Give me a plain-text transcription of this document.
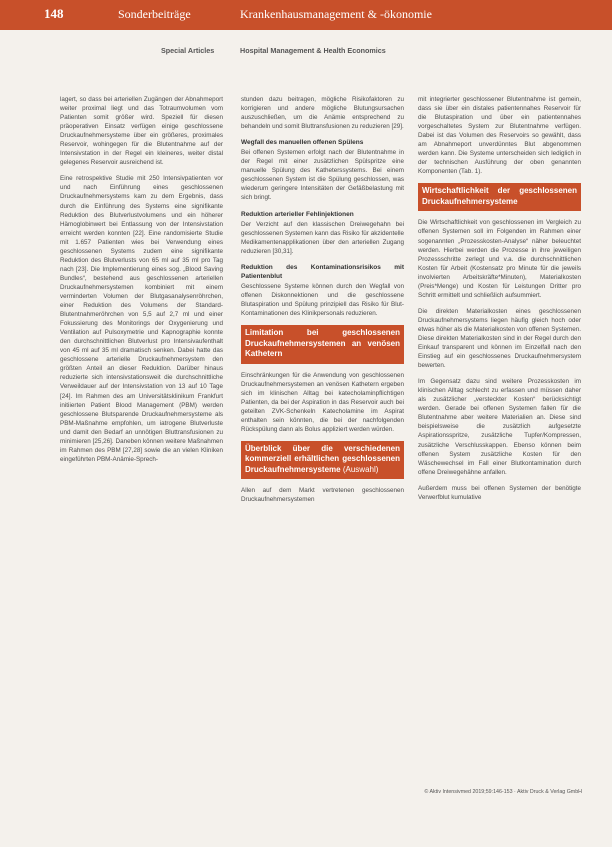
148	Sonderbeiträge	Krankenhausmanagement & -ökonomie
Special Articles	Hospital Management & Health Economics

lagert, so dass bei arteriellen Zugängen der Abnahmeport weiter proximal liegt und das Totraumvolumen vom Patienten somit größer wird. Speziell für diesen präoperativen Einsatz verfügen einige geschlossene Druckaufnehmersysteme über ein größeres, proximales Reservoir, wohingegen für die Blutentnahme auf der Intensivstation in der Regel ein kleineres, weiter distal gelegenes Reservoir ausreichend ist.

Eine retrospektive Studie mit 250 Intensivpatienten vor und nach Einführung eines geschlossenen Druckaufnehmersystems kam zu dem Ergebnis, dass durch die Einführung des Systems eine signifikante Reduktion des Blutverlustvolumens und ein höherer Hämoglobinwert bei Entlassung von der Intensivstation erreicht werden konnten [22]. Eine randomisierte Studie mit 1.657 Patienten wies bei Verwendung eines geschlossenen Systems zudem eine signifikante Reduktion des Blutverlusts von 65 ml auf 35 ml pro Tag nach [23]. Die Implementierung eines sog. „Blood Saving Bundles“, bestehend aus geschlossenen arteriellen Druckaufnehmersystemen kombiniert mit einem verminderten Volumen der Blutgasanalysenröhrchen, einer Reduktion des Volumens der Standard-Blutentnahmeröhrchen von 5,5 auf 2,7 ml und einer Fokussierung des Monitorings der Oxygenierung und Ventilation auf Pulsoxymetrie und Kapnographie konnte den durchschnittlichen Blutverlust pro Intensivaufenthalt von 45 ml auf 35 ml dramatisch senken. Dabei hatte das geschlossene arterielle Druckaufnehmersystem den größten Anteil an dieser Reduktion. Darüber hinaus reduzierte sich intensivstationsweit die durchschnittliche Verweildauer auf der Intensivstation von 13 auf 10 Tage [24]. Im Rahmen des am Universitätsklinikum Frankfurt initiierten Patient Blood Management (PBM) werden geschlossene Blutsparende Druckaufnehmersysteme als PBM-Maßnahme empfohlen, um iatrogene Blutverluste und damit den Bedarf an unnötigen Bluttransfusionen zu minimieren [25,26]. Daneben können weitere Maßnahmen im Rahmen des PBM [27,28] sowie die an vielen Kliniken eingeführten PBM-Anämie-Sprech-

stunden dazu beitragen, mögliche Risikofaktoren zu korrigieren und andere mögliche Blutungsursachen auszuschließen, um die Anämie entsprechend zu behandeln und somit Bluttransfusionen zu reduzieren [29].

Wegfall des manuellen offenen Spülens

Bei offenen Systemen erfolgt nach der Blutentnahme in der Regel mit einer zusätzlichen Spülspritze eine manuelle Spülung des Katheterssystems. Bei einem geschlossenen System ist die Spülung geschlossen, was wiederum geringere Intensitäten der Gefäßbelastung mit sich bringt.

Reduktion arterieller Fehlinjektionen

Der Verzicht auf den klassischen Dreiwegehahn bei geschlossenen Systemen kann das Risiko für akzidentelle Medikamentenapplikationen über den arteriellen Zugang reduzieren [30,31].

Reduktion des Kontaminationsrisikos mit Patientenblut

Geschlossene Systeme können durch den Wegfall von offenen Diskonnektionen und die geschlossene Blutaspiration und Spülung prinzipiell das Risiko für Blut-Kontaminationen des Klinikpersonals reduzieren.

Limitation bei geschlossenen Druckaufnehmersystemen an venösen Kathetern

Einschränkungen für die Anwendung von geschlossenen Druckaufnehmersystemen an venösen Kathetern ergeben sich im klinischen Alltag bei katecholaminpflichtigen Patienten, da bei der Aspiration in das Reservoir auch bei geteilten ZVK-Schenkeln Katecholamine im Aspirat enthalten sein könnten, die bei der nachfolgenden Rückspülung dann als Bolus appliziert werden würden.

Überblick über die verschiedenen kommerziell erhältlichen geschlossenen Druckaufnehmersysteme (Auswahl)

Allen auf dem Markt vertretenen geschlossenen Druckaufnehmersystemen

mit integrierter geschlossener Blutentnahme ist gemein, dass sie über ein distales patientennahes Reservoir für die Blutaspiration und über ein patientennahes vorgeschaltetes System zur Blutentnahme verfügen. Dabei ist das Volumen des Reservoirs so gewählt, dass am Abnahmeport unverdünntes Blut abgenommen werden kann. Die Systeme unterscheiden sich lediglich in der technischen Ausführung der oben genannten Komponenten (Tab. 1).

Wirtschaftlichkeit der geschlossenen Druckaufnehmersysteme

Die Wirtschaftlichkeit von geschlossenen im Vergleich zu offenen Systemen soll im Folgenden im Rahmen einer sogenannten „Prozesskosten-Analyse“ näher beleuchtet werden. Hierbei werden die Prozesse in ihre jeweiligen Prozessschritte zerlegt und v.a. die durchschnittlichen Kosten für Arbeit (Kostensatz pro Minute für die jeweils involvierten Arbeitskräfte*Minuten), Materialkosten (Preis*Menge) und Kosten für Leistungen Dritter pro Schritt ermittelt und schließlich aufsummiert.

Die direkten Materialkosten eines geschlossenen Druckaufnehmersystems liegen häufig gleich hoch oder etwas höher als die Materialkosten von offenen Systemen. Diese direkten Materialkosten sind in der Regel durch den Einkauf transparent und können im Einzelfall nach den Einstieg auf ein geschlossenes Druckaufnehmersystem bewerten.

Im Gegensatz dazu sind weitere Prozesskosten im klinischen Alltag schlecht zu erfassen und müssen daher als zusätzlicher „versteckter Kosten“ berücksichtigt werden. Gerade bei offenen Systemen fallen für die Blutentnahme aber weitere Materialien an. Diese sind beispielsweise die zusätzlich aufgesetzte Aspirationsspritze, zusätzliche Tupfer/Kompressen, zusätzliche Verschlusskappen. Ebenso können beim offenen System zusätzliche Kosten für den Wäschewechsel im Fall einer Blutkontamination durch offene Dreiwegehähne anfallen.

Außerdem muss bei offenen Systemen der benötigte Verwerfblut kumulative

© Aktiv Intensivmed 2019;59:146-153 · Aktiv Druck & Verlag GmbH
